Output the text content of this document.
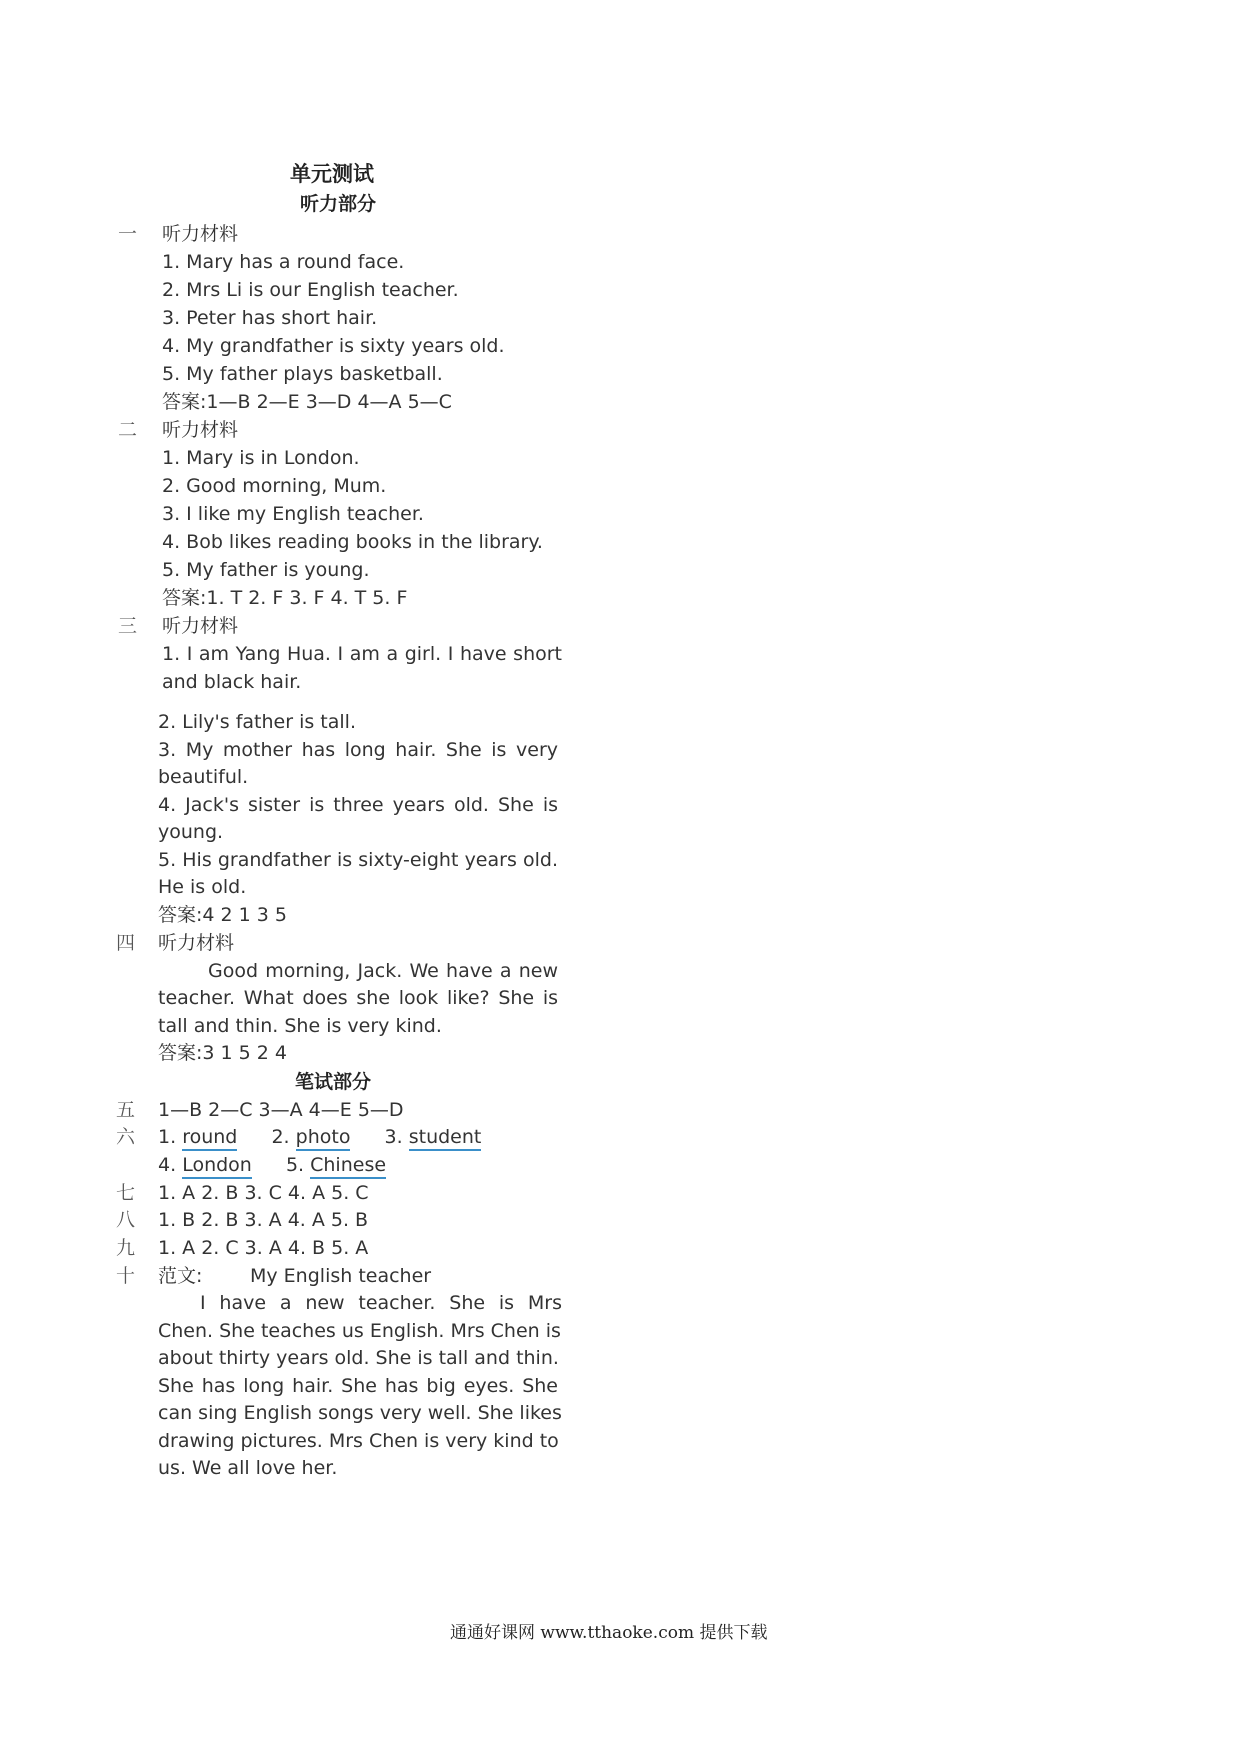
单元测试
听力部分
一 听力材料
1. Mary has a round face.
2. Mrs Li is our English teacher.
3. Peter has short hair.
4. My grandfather is sixty years old.
5. My father plays basketball.
答案:1—B 2—E 3—D 4—A 5—C
二 听力材料
1. Mary is in London.
2. Good morning, Mum.
3. I like my English teacher.
4. Bob likes reading books in the library.
5. My father is young.
答案:1. T 2. F 3. F 4. T 5. F
三 听力材料
1. I am Yang Hua. I am a girl. I have short
and black hair.
2. Lily's father is tall.
3. My mother has long hair. She is very
beautiful.
4. Jack's sister is three years old. She is
young.
5. His grandfather is sixty-eight years old.
He is old.
答案:4 2 1 3 5
四 听力材料
Good morning, Jack. We have a new
teacher. What does she look like? She is
tall and thin. She is very kind.
答案:3 1 5 2 4
笔试部分
五 1—B 2—C 3—A 4—E 5—D
六 1. round 2. photo 3. student
4. London 5. Chinese
七 1. A 2. B 3. C 4. A 5. C
八 1. B 2. B 3. A 4. A 5. B
九 1. A 2. C 3. A 4. B 5. A
十 范文:	My English teacher
I have a new teacher. She is Mrs
Chen. She teaches us English. Mrs Chen is
about thirty years old. She is tall and thin.
She has long hair. She has big eyes. She
can sing English songs very well. She likes
drawing pictures. Mrs Chen is very kind to
us. We all love her.
通通好课网 www.tthaoke.com 提供下载
